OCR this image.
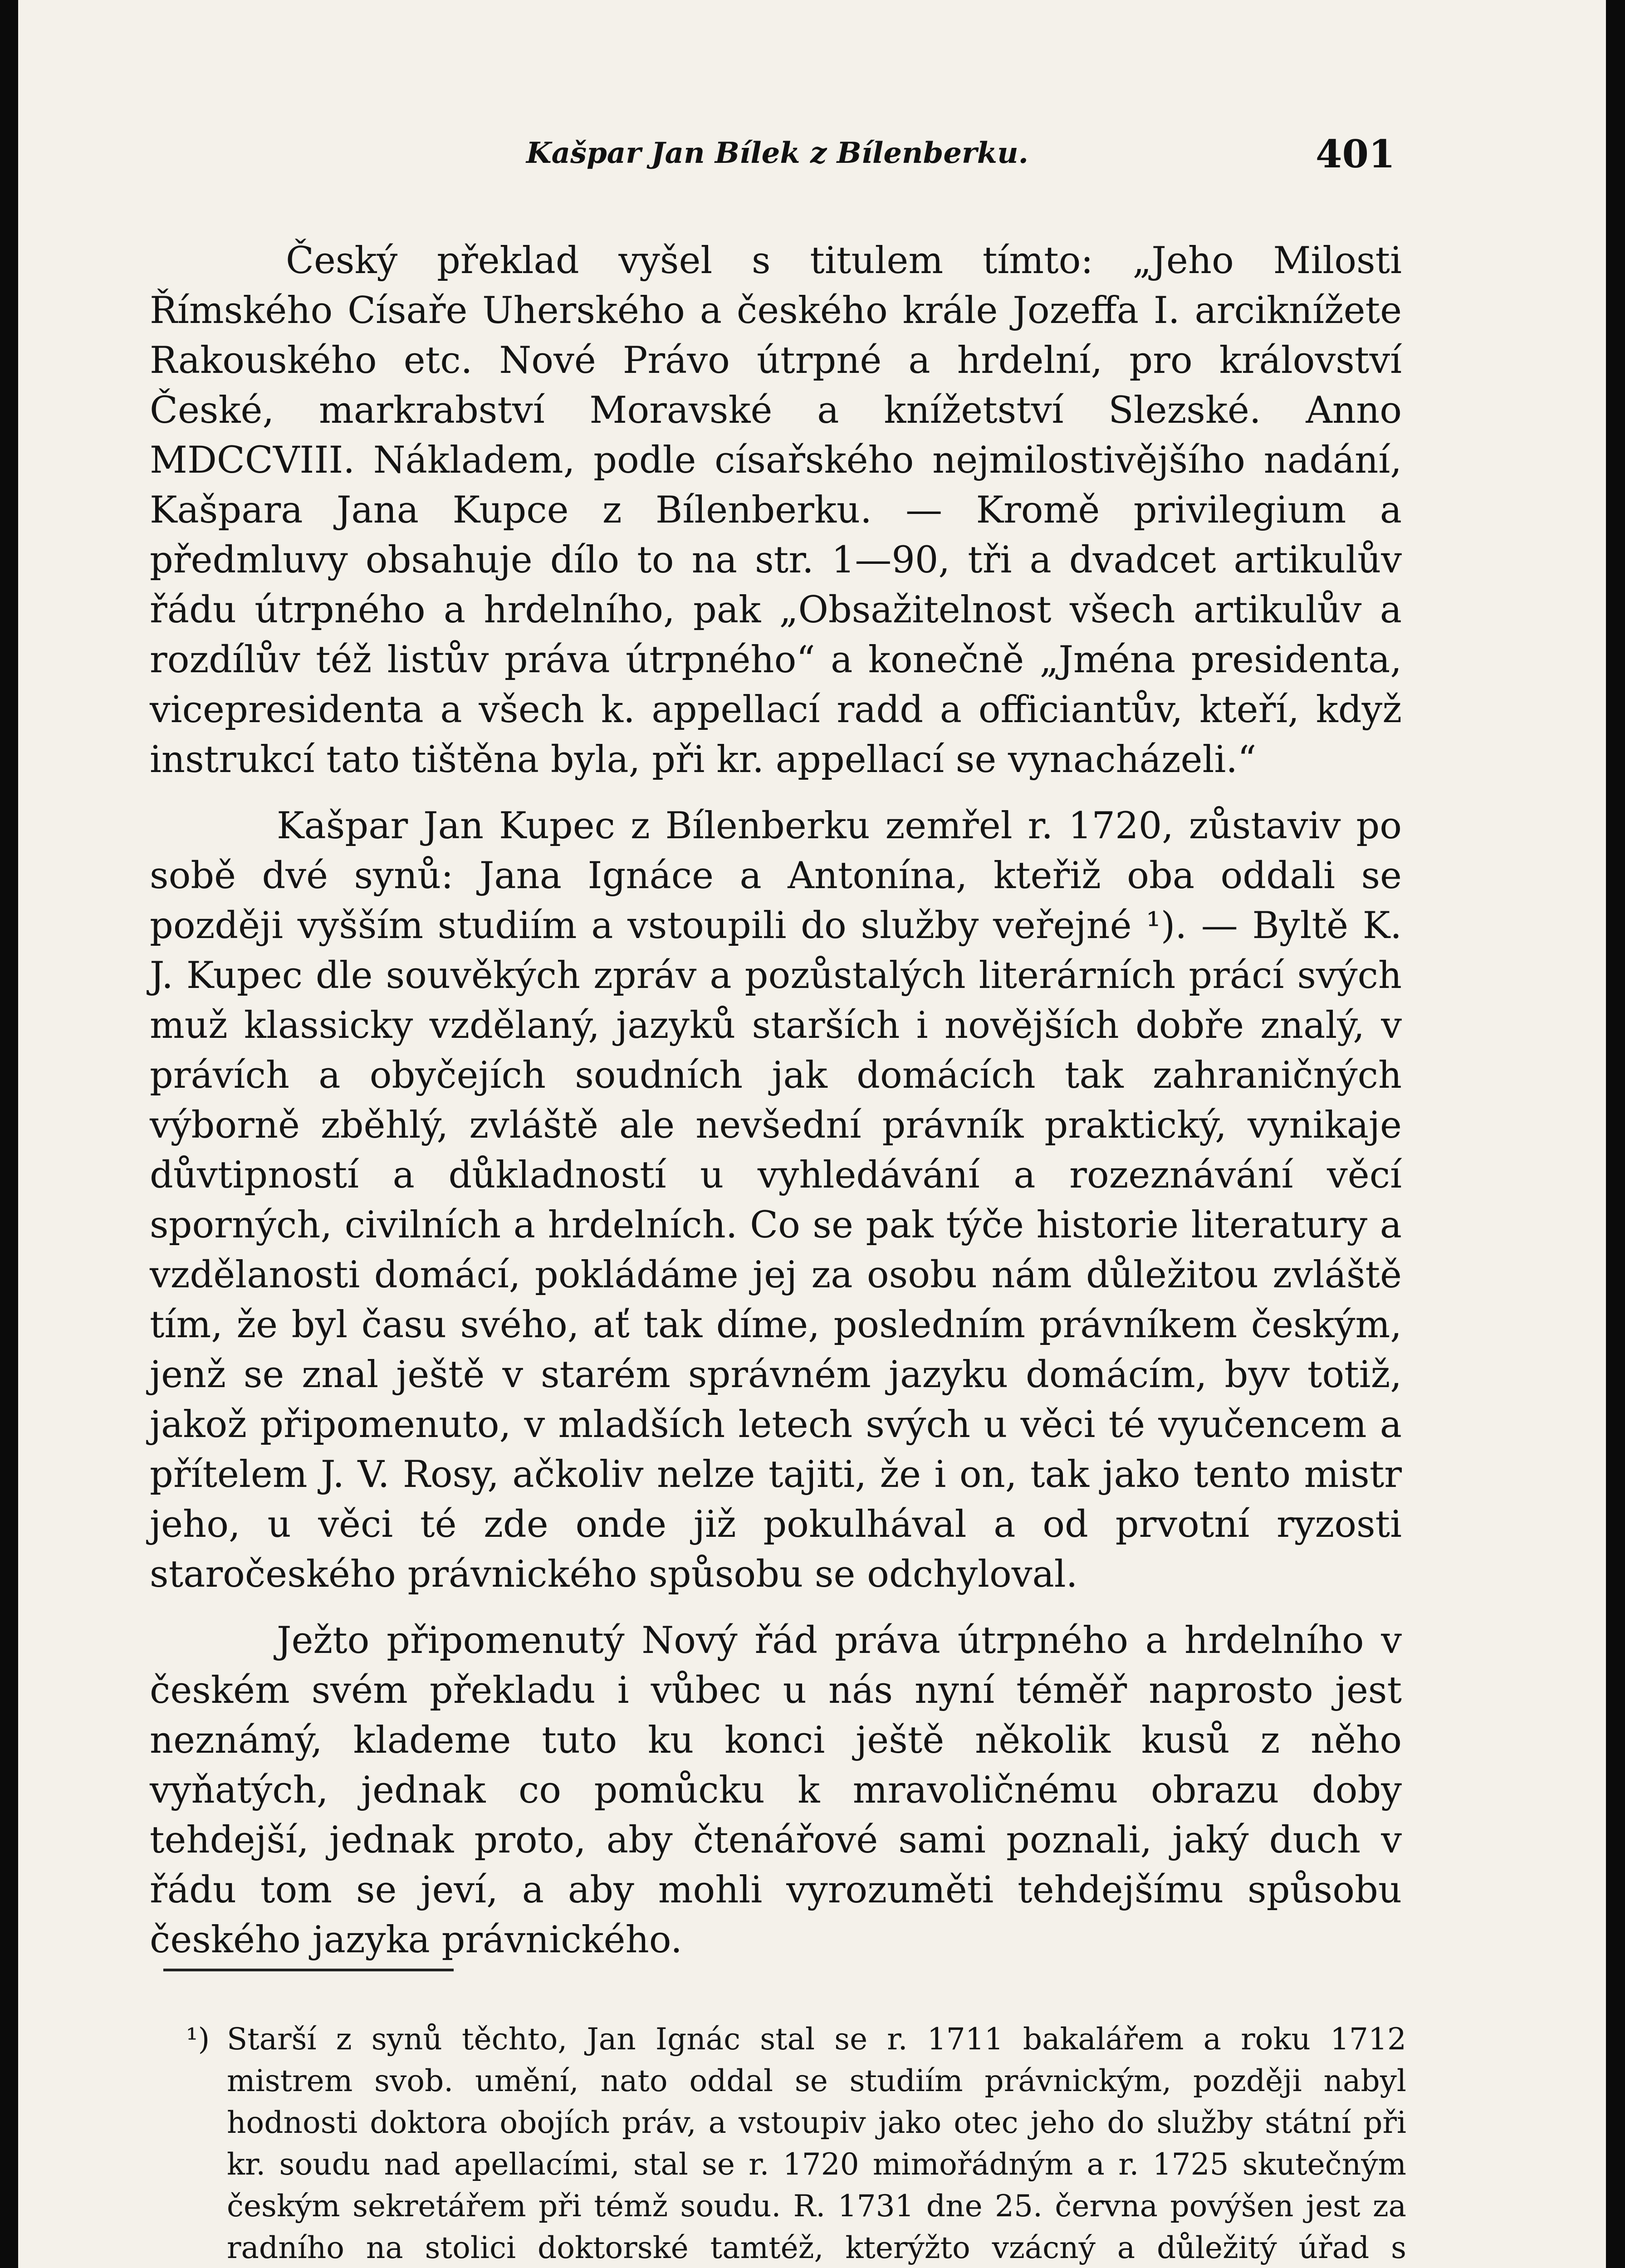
Kašpar Jan Bílek z Bílenberku.	401

Český překlad vyšel s titulem tímto: „Jeho Milosti Římského Císaře Uherského a českého krále Jozeffa I. arciknížete Rakouského etc. Nové Právo útrpné a hrdelní, pro království České, markrabství Moravské a knížetství Slezské. Anno MDCCVIII. Nákladem, podle císařského nejmilostivějšího nadání, Kašpara Jana Kupce z Bílenberku. — Kromě privilegium a předmluvy obsahuje dílo to na str. 1—90, tři a dvadcet artikulův řádu útrpného a hrdelního, pak „Obsažitelnost všech artikulův a rozdílův též listův práva útrpného“ a konečně „Jména presidenta, vicepresidenta a všech k. appellací radd a officiantův, kteří, když instrukcí tato tištěna byla, při kr. appellací se vynacházeli.“

Kašpar Jan Kupec z Bílenberku zemřel r. 1720, zůstaviv po sobě dvé synů: Jana Ignáce a Antonína, kteřiž oba oddali se později vyšším studiím a vstoupili do služby veřejné ¹). — Byltě K. J. Kupec dle souvěkých zpráv a pozůstalých literárních prácí svých muž klassicky vzdělaný, jazyků starších i novějších dobře znalý, v právích a obyčejích soudních jak domácích tak zahraničných výborně zběhlý, zvláště ale nevšední právník praktický, vynikaje důvtipností a důkladností u vyhledávání a rozeznávání věcí sporných, civilních a hrdelních. Co se pak týče historie literatury a vzdělanosti domácí, pokládáme jej za osobu nám důležitou zvláště tím, že byl času svého, ať tak díme, posledním právníkem českým, jenž se znal ještě v starém správném jazyku domácím, byv totiž, jakož připomenuto, v mladších letech svých u věci té vyučencem a přítelem J. V. Rosy, ačkoliv nelze tajiti, že i on, tak jako tento mistr jeho, u věci té zde onde již pokulhával a od prvotní ryzosti staročeského právnického spůsobu se odchyloval.

Ježto připomenutý Nový řád práva útrpného a hrdelního v českém svém překladu i vůbec u nás nyní téměř naprosto jest neznámý, klademe tuto ku konci ještě několik kusů z něho vyňatých, jednak co pomůcku k mravoličnému obrazu doby tehdejší, jednak proto, aby čtenářové sami poznali, jaký duch v řádu tom se jeví, a aby mohli vyrozuměti tehdejšímu spůsobu českého jazyka právnického.

¹) Starší z synů těchto, Jan Ignác stal se r. 1711 bakalářem a roku 1712 mistrem svob. umění, nato oddal se studiím právnickým, později nabyl hodnosti doktora obojích práv, a vstoupiv jako otec jeho do služby státní při kr. soudu nad apellacími, stal se r. 1720 mimořádným a r. 1725 skutečným českým sekretářem při témž soudu. R. 1731 dne 25. června povýšen jest za radního na stolici doktorské tamtéž, kterýžto vzácný a důležitý úřad s
